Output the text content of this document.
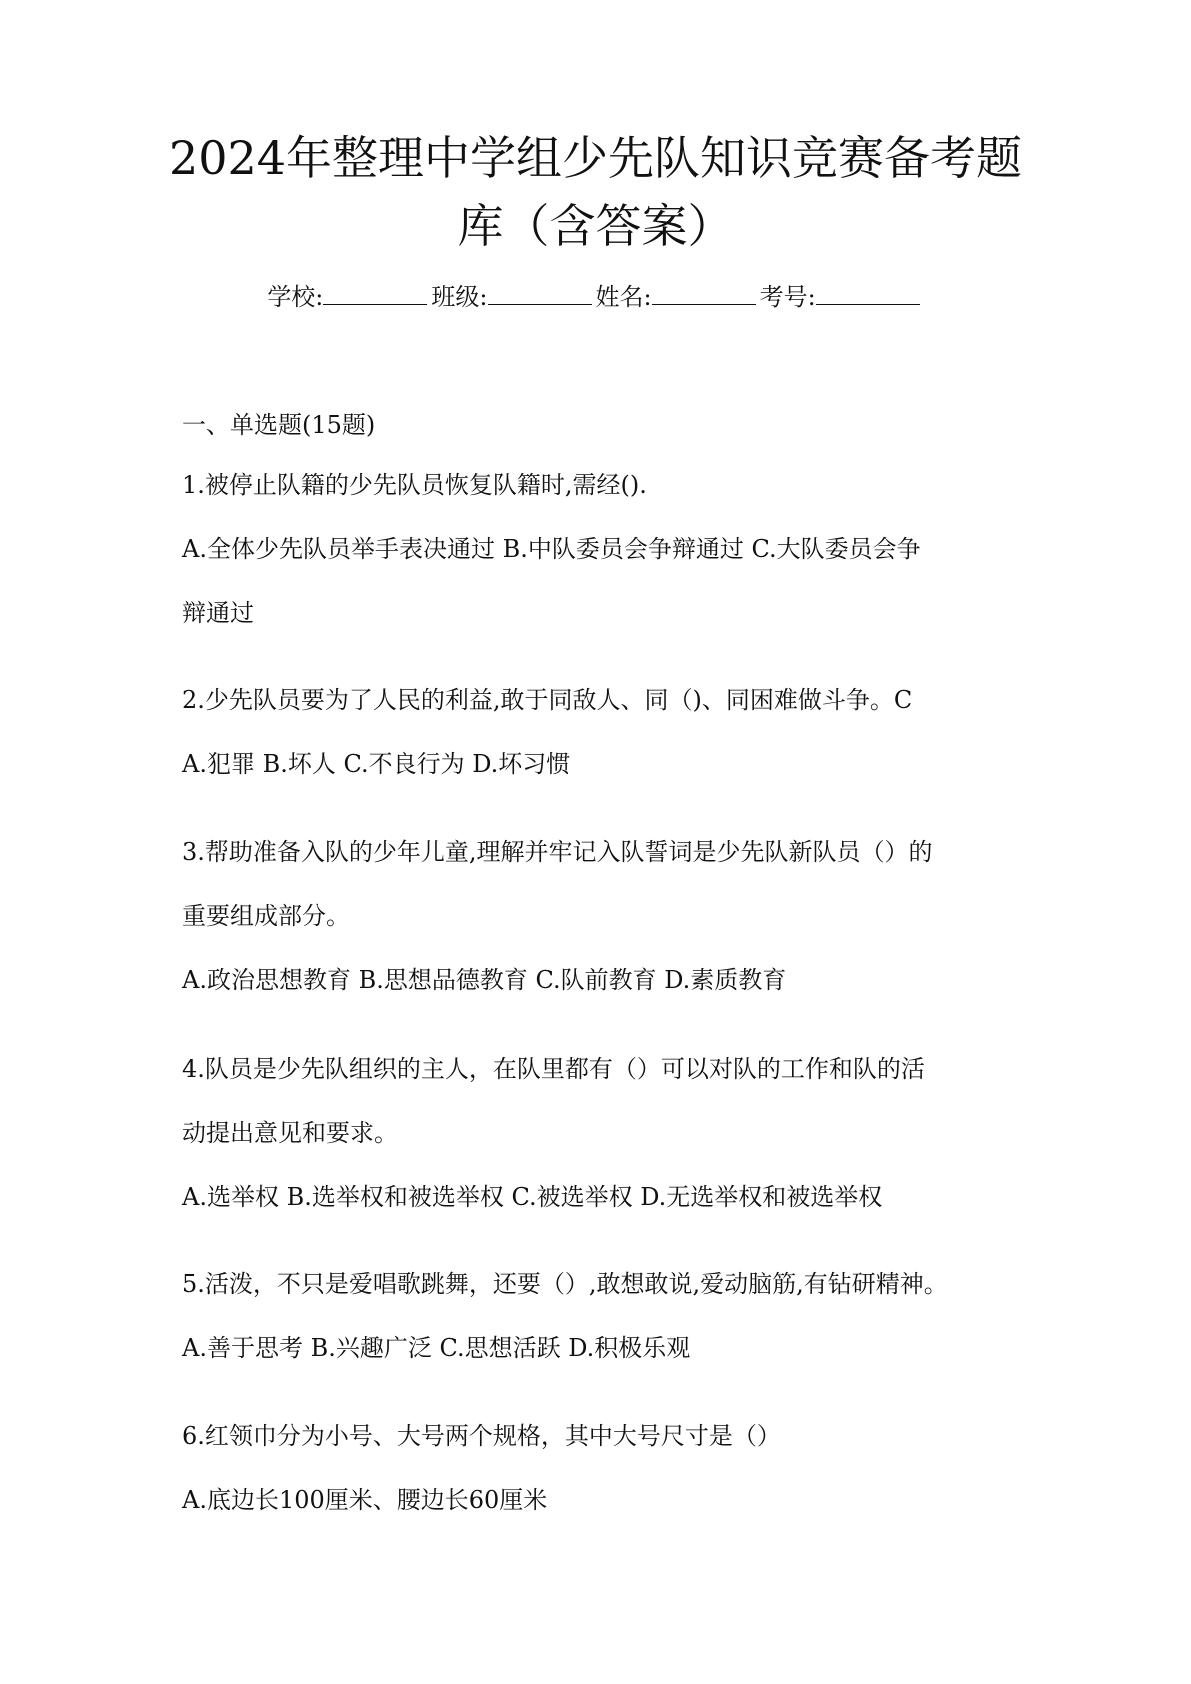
2024年整理中学组少先队知识竞赛备考题
库（含答案）
学校:	班级:	姓名:	考号:
一、单选题(15题)
1.被停止队籍的少先队员恢复队籍时,需经().
A.全体少先队员举手表决通过 B.中队委员会争辩通过 C.大队委员会争
辩通过
2.少先队员要为了人民的利益,敢于同敌人、同（)、同困难做斗争。C
A.犯罪 B.坏人 C.不良行为 D.坏习惯
3.帮助准备入队的少年儿童,理解并牢记入队誓词是少先队新队员（）的
重要组成部分。
A.政治思想教育 B.思想品德教育 C.队前教育 D.素质教育
4.队员是少先队组织的主人，在队里都有（）可以对队的工作和队的活
动提出意见和要求。
A.选举权 B.选举权和被选举权 C.被选举权 D.无选举权和被选举权
5.活泼，不只是爱唱歌跳舞，还要（）,敢想敢说,爱动脑筋,有钻研精神。
A.善于思考 B.兴趣广泛 C.思想活跃 D.积极乐观
6.红领巾分为小号、大号两个规格，其中大号尺寸是（）
A.底边长100厘米、腰边长60厘米
